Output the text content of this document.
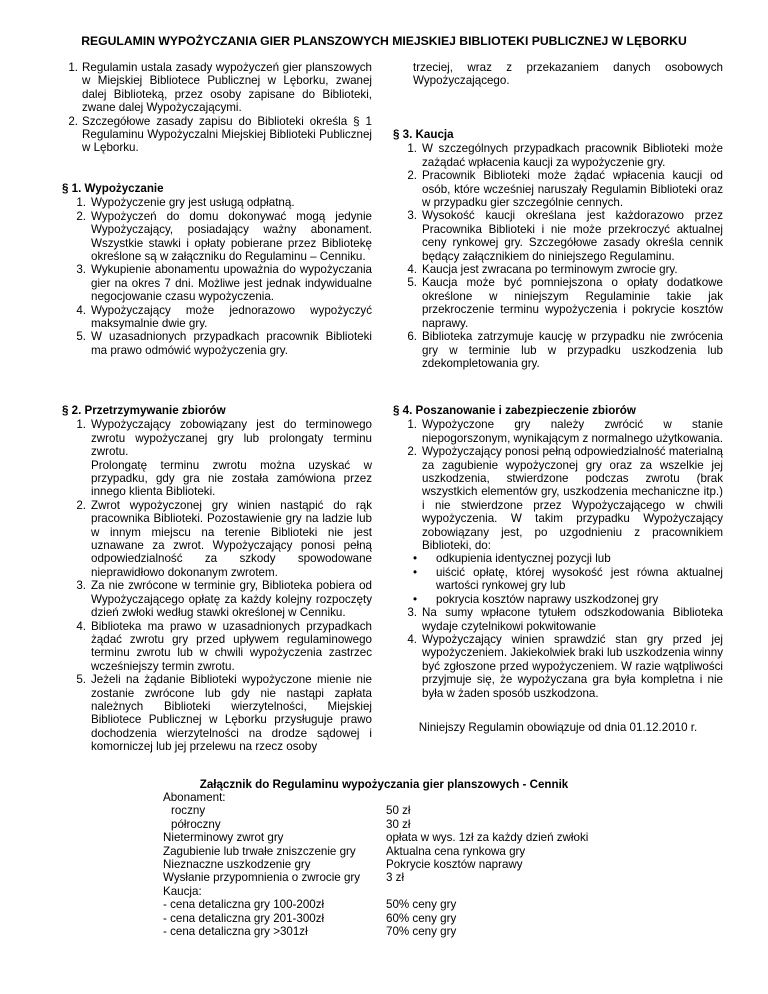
REGULAMIN WYPOŻYCZANIA GIER PLANSZOWYCH MIEJSKIEJ BIBLIOTEKI PUBLICZNEJ W LĘBORKU
1. Regulamin ustala zasady wypożyczeń gier planszowych w Miejskiej Bibliotece Publicznej w Lęborku, zwanej dalej Biblioteką, przez osoby zapisane do Biblioteki, zwane dalej Wypożyczającymi.
2. Szczegółowe zasady zapisu do Biblioteki określa § 1 Regulaminu Wypożyczalni Miejskiej Biblioteki Publicznej w Lęborku.
§ 1. Wypożyczanie
1. Wypożyczenie gry jest usługą odpłatną.
2. Wypożyczeń do domu dokonywać mogą jedynie Wypożyczający, posiadający ważny abonament. Wszystkie stawki i opłaty pobierane przez Bibliotekę określone są w załączniku do Regulaminu – Cenniku.
3. Wykupienie abonamentu upoważnia do wypożyczania gier na okres 7 dni. Możliwe jest jednak indywidualne negocjowanie czasu wypożyczenia.
4. Wypożyczający może jednorazowo wypożyczyć maksymalnie dwie gry.
5. W uzasadnionych przypadkach pracownik Biblioteki ma prawo odmówić wypożyczenia gry.
§ 2. Przetrzymywanie zbiorów
1. Wypożyczający zobowiązany jest do terminowego zwrotu wypożyczanej gry lub prolongaty terminu zwrotu.

Prolongatę terminu zwrotu można uzyskać w przypadku, gdy gra nie została zamówiona przez innego klienta Biblioteki.

2. Zwrot wypożyczonej gry winien nastąpić do rąk pracownika Biblioteki. Pozostawienie gry na ladzie lub w innym miejscu na terenie Biblioteki nie jest uznawane za zwrot. Wypożyczający ponosi pełną odpowiedzialność za szkody spowodowane nieprawidłowo dokonanym zwrotem.
3. Za nie zwrócone w terminie gry, Biblioteka pobiera od Wypożyczającego opłatę za każdy kolejny rozpoczęty dzień zwłoki według stawki określonej w Cenniku.
4. Biblioteka ma prawo w uzasadnionych przypadkach żądać zwrotu gry przed upływem regulaminowego terminu zwrotu lub w chwili wypożyczenia zastrzec wcześniejszy termin zwrotu.
5. Jeżeli na żądanie Biblioteki wypożyczone mienie nie zostanie zwrócone lub gdy nie nastąpi zapłata należnych Biblioteki wierzytelności, Miejskiej Bibliotece Publicznej w Lęborku przysługuje prawo dochodzenia wierzytelności na drodze sądowej i komorniczej lub jej przelewu na rzecz osoby

trzeciej, wraz z przekazaniem danych osobowych Wypożyczającego.

§ 3. Kaucja
1. W szczególnych przypadkach pracownik Biblioteki może zażądać wpłacenia kaucji za wypożyczenie gry.
2. Pracownik Biblioteki może żądać wpłacenia kaucji od osób, które wcześniej naruszały Regulamin Biblioteki oraz w przypadku gier szczególnie cennych.
3. Wysokość kaucji określana jest każdorazowo przez Pracownika Biblioteki i nie może przekroczyć aktualnej ceny rynkowej gry. Szczegółowe zasady określa cennik będący załącznikiem do niniejszego Regulaminu.
4. Kaucja jest zwracana po terminowym zwrocie gry.
5. Kaucja może być pomniejszona o opłaty dodatkowe określone w niniejszym Regulaminie takie jak przekroczenie terminu wypożyczenia i pokrycie kosztów naprawy.
6. Biblioteka zatrzymuje kaucję w przypadku nie zwrócenia gry w terminie lub w przypadku uszkodzenia lub zdekompletowania gry.
§ 4. Poszanowanie i zabezpieczenie zbiorów
1. Wypożyczone gry należy zwrócić w stanie niepogorszonym, wynikającym z normalnego użytkowania.
2. Wypożyczający ponosi pełną odpowiedzialność materialną za zagubienie wypożyczonej gry oraz za wszelkie jej uszkodzenia, stwierdzone podczas zwrotu (brak wszystkich elementów gry, uszkodzenia mechaniczne itp.) i nie stwierdzone przez Wypożyczającego w chwili wypożyczenia. W takim przypadku Wypożyczający zobowiązany jest, po uzgodnieniu z pracownikiem Biblioteki, do:
• odkupienia identycznej pozycji lub
• uiścić opłatę, której wysokość jest równa aktualnej wartości rynkowej gry lub
• pokrycia kosztów naprawy uszkodzonej gry
3. Na sumy wpłacone tytułem odszkodowania Biblioteka wydaje czytelnikowi pokwitowanie
4. Wypożyczający winien sprawdzić stan gry przed jej wypożyczeniem. Jakiekolwiek braki lub uszkodzenia winny być zgłoszone przed wypożyczeniem. W razie wątpliwości przyjmuje się, że wypożyczana gra była kompletna i nie była w żaden sposób uszkodzona.
Niniejszy Regulamin obowiązuje od dnia 01.12.2010 r.
Załącznik do Regulaminu wypożyczania gier planszowych - Cennik
Abonament:
roczny	50 zł
półroczny	30 zł
Nieterminowy zwrot gry	opłata w wys. 1zł za każdy dzień zwłoki
Zagubienie lub trwałe zniszczenie gry	Aktualna cena rynkowa gry
Nieznaczne uszkodzenie gry	Pokrycie kosztów naprawy
Wysłanie przypomnienia o zwrocie gry 3 zł
Kaucja:
- cena detaliczna gry 100-200zł	50% ceny gry
- cena detaliczna gry 201-300zł	60% ceny gry
- cena detaliczna gry >301zł	70% ceny gry
